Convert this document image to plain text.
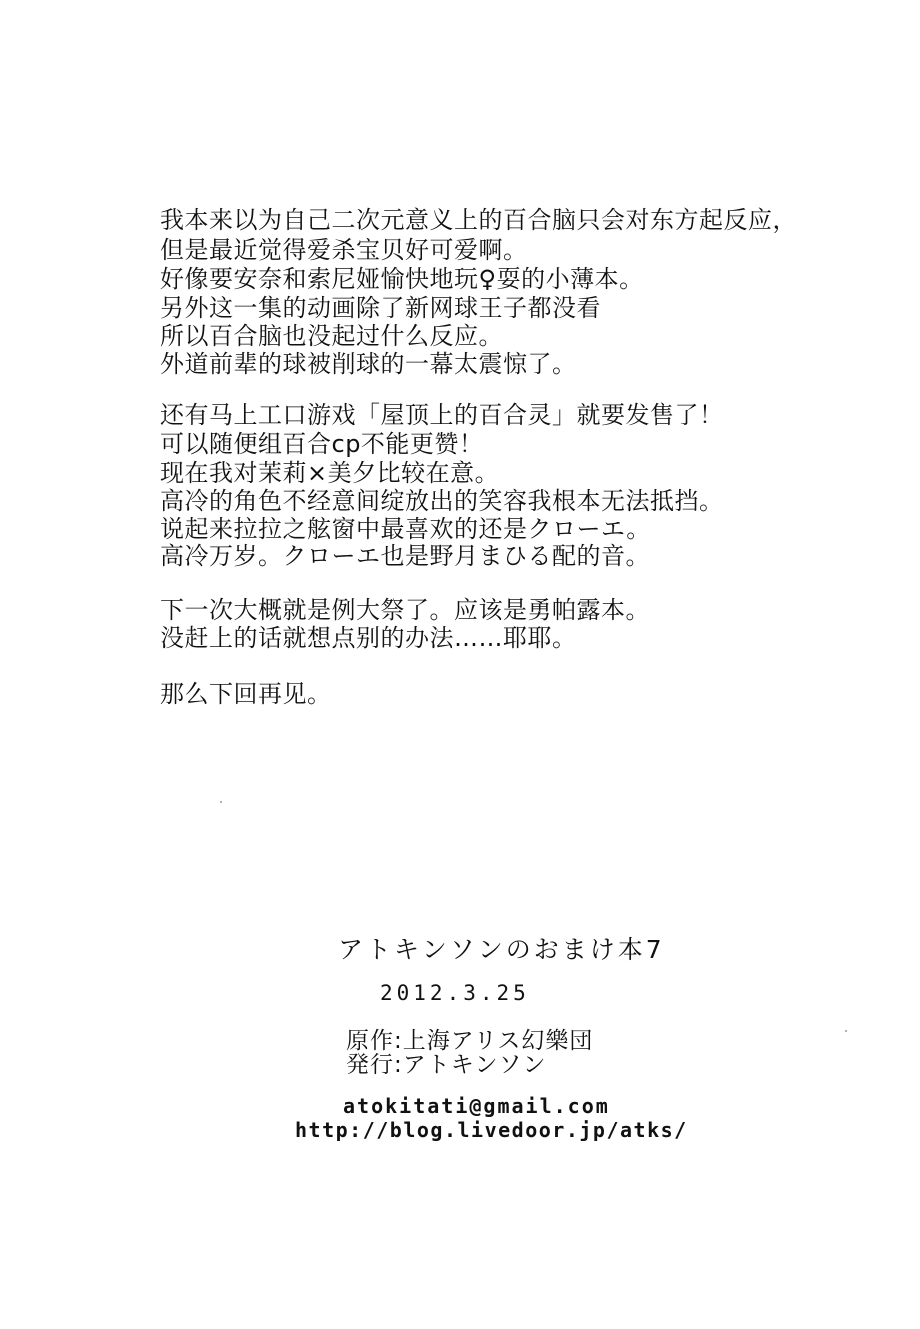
我本来以为自己二次元意义上的百合脑只会对东方起反应，
但是最近觉得爱杀宝贝好可爱啊。
好像要安奈和索尼娅愉快地玩♀耍的小薄本。
另外这一集的动画除了新网球王子都没看
所以百合脑也没起过什么反应。
外道前辈的球被削球的一幕太震惊了。
还有马上工口游戏「屋顶上的百合灵」就要发售了！
可以随便组百合cp不能更赞！
现在我对茉莉×美夕比较在意。
高冷的角色不经意间绽放出的笑容我根本无法抵挡。
说起来拉拉之舷窗中最喜欢的还是クローエ。
高冷万岁。クローエ也是野月まひる配的音。
下一次大概就是例大祭了。应该是勇帕露本。
没赶上的话就想点别的办法……耶耶。
那么下回再见。
アトキンソンのおまけ本7
2012.3.25
原作:上海アリス幻樂団
発行:アトキンソン
atokitati@gmail.com
http://blog.livedoor.jp/atks/
